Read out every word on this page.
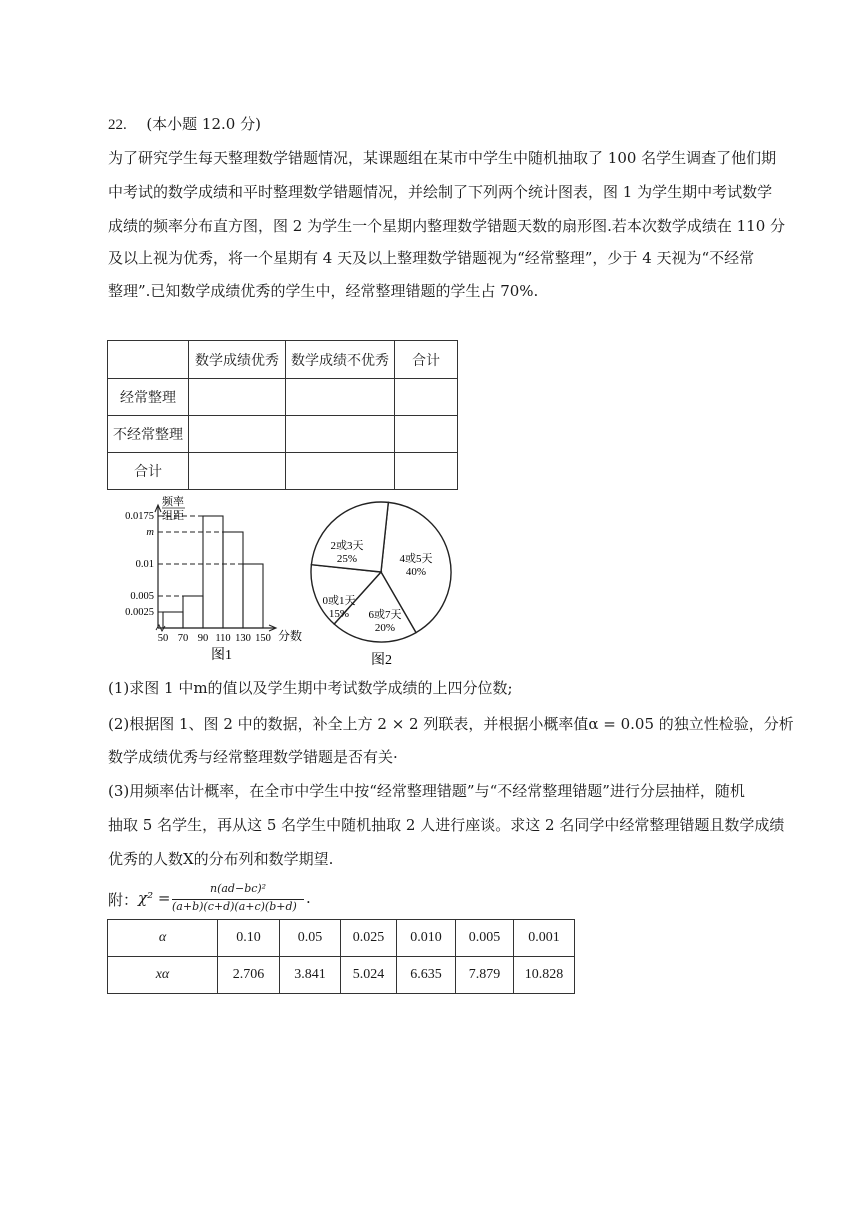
22. (本小题 12.0 分)
为了研究学生每天整理数学错题情况，某课题组在某市中学生中随机抽取了 100 名学生调查了他们期
中考试的数学成绩和平时整理数学错题情况，并绘制了下列两个统计图表，图 1 为学生期中考试数学
成绩的频率分布直方图，图 2 为学生一个星期内整理数学错题天数的扇形图.若本次数学成绩在 110 分
及以上视为优秀，将一个星期有 4 天及以上整理数学错题视为“经常整理”，少于 4 天视为“不经常
整理”.已知数学成绩优秀的学生中，经常整理错题的学生占 70%.
	数学成绩优秀	数学成绩不优秀	合计
经常整理			
不经常整理			
合计			
0.0175
m
0.01
0.005
0.0025
50 70 90 110 130 150
频率
组距
分数
图1
4或5天
40%
6或7天
20%
0或1天
15%
2或3天
25%
图2
(1)求图 1 中m的值以及学生期中考试数学成绩的上四分位数;
(2)根据图 1、图 2 中的数据，补全上方 2 × 2 列联表，并根据小概率值α = 0.05 的独立性检验，分析
数学成绩优秀与经常整理数学错题是否有关·
(3)用频率估计概率，在全市中学生中按“经常整理错题”与“不经常整理错题”进行分层抽样，随机
抽取 5 名学生，再从这 5 名学生中随机抽取 2 人进行座谈。求这 2 名同学中经常整理错题且数学成绩
优秀的人数X的分布列和数学期望.
附： χ² =
n(ad−bc)²
(a+b)(c+d)(a+c)(b+d) .
α	0.10	0.05	0.025	0.010	0.005	0.001
xα	2.706	3.841	5.024	6.635	7.879	10.828
